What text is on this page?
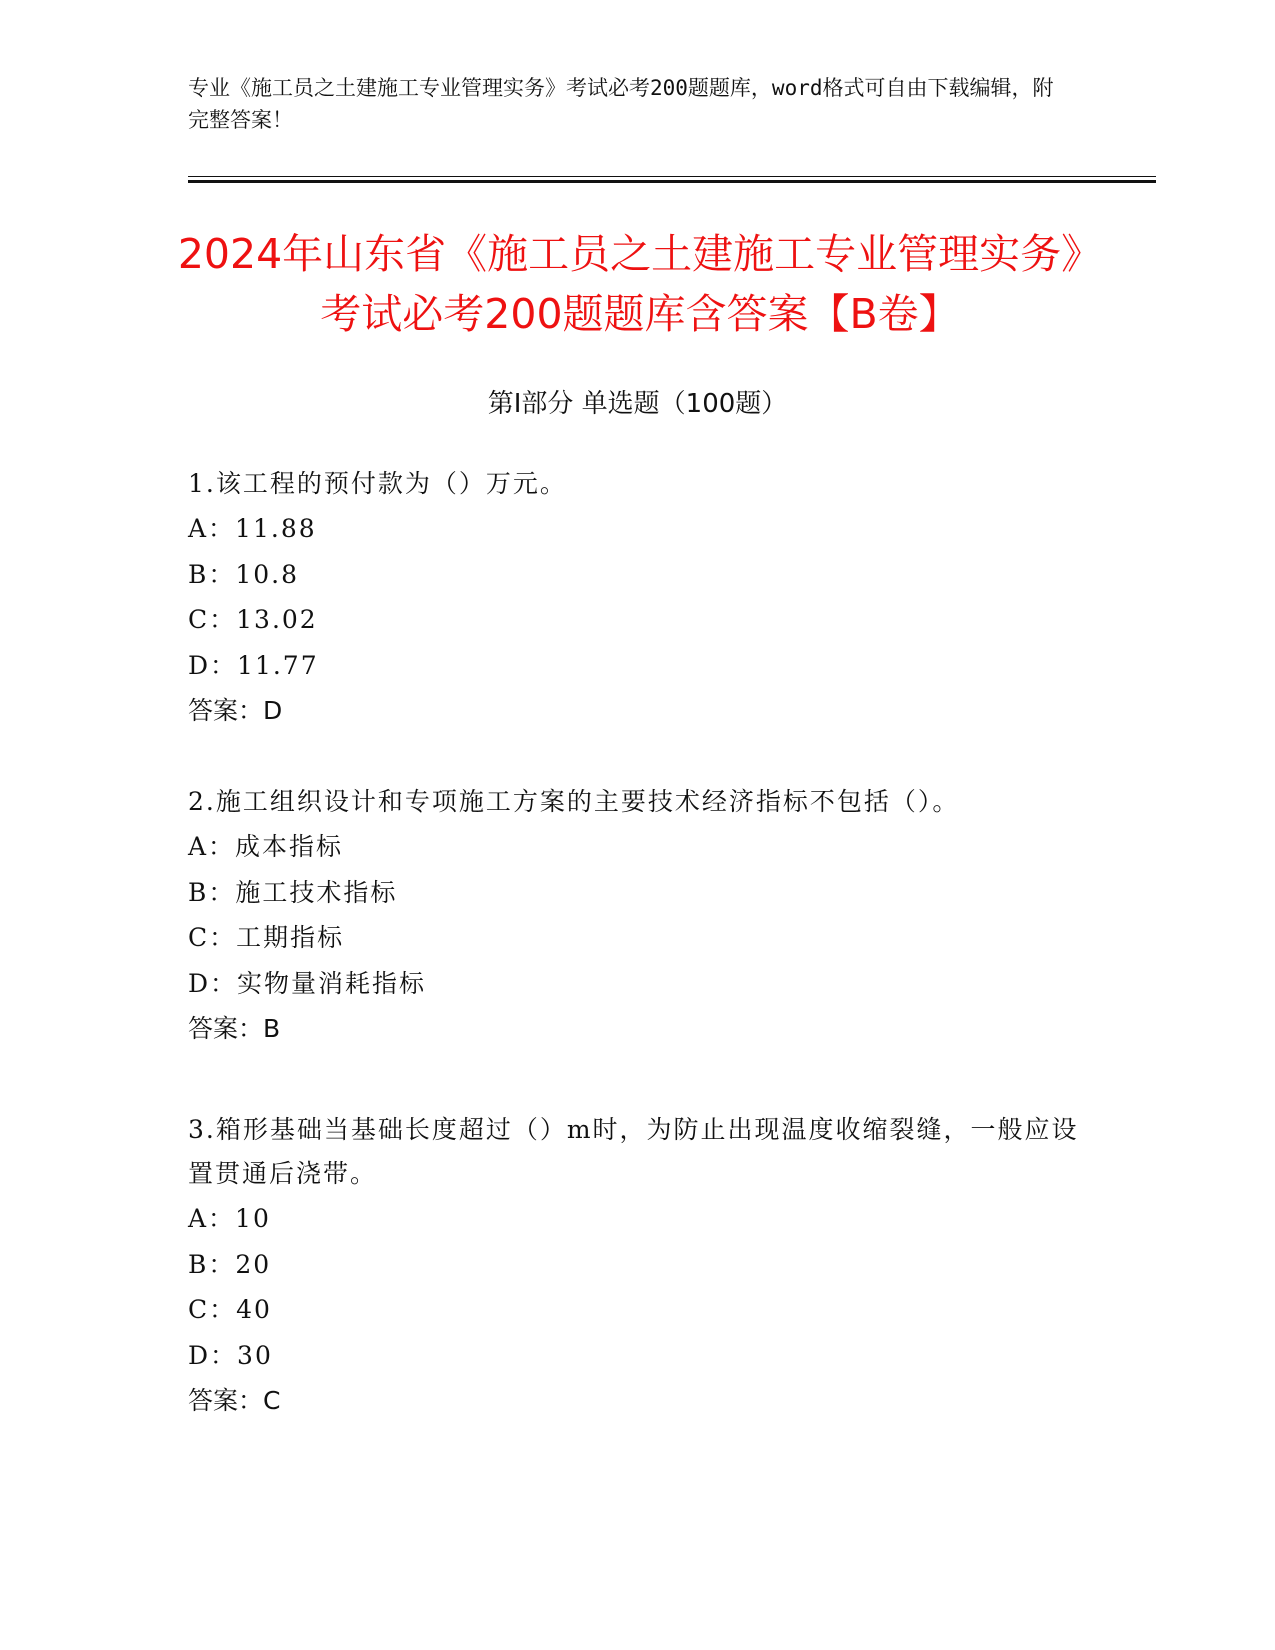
专业《施工员之土建施工专业管理实务》考试必考200题题库，word格式可自由下载编辑，附完整答案！
2024年山东省《施工员之土建施工专业管理实务》考试必考200题题库含答案【B卷】
第I部分 单选题（100题）
1.该工程的预付款为（）万元。
A：11.88
B：10.8
C：13.02
D：11.77
答案：D
2.施工组织设计和专项施工方案的主要技术经济指标不包括（）。
A：成本指标
B：施工技术指标
C：工期指标
D：实物量消耗指标
答案：B
3.箱形基础当基础长度超过（）m时，为防止出现温度收缩裂缝，一般应设置贯通后浇带。
A：10
B：20
C：40
D：30
答案：C
